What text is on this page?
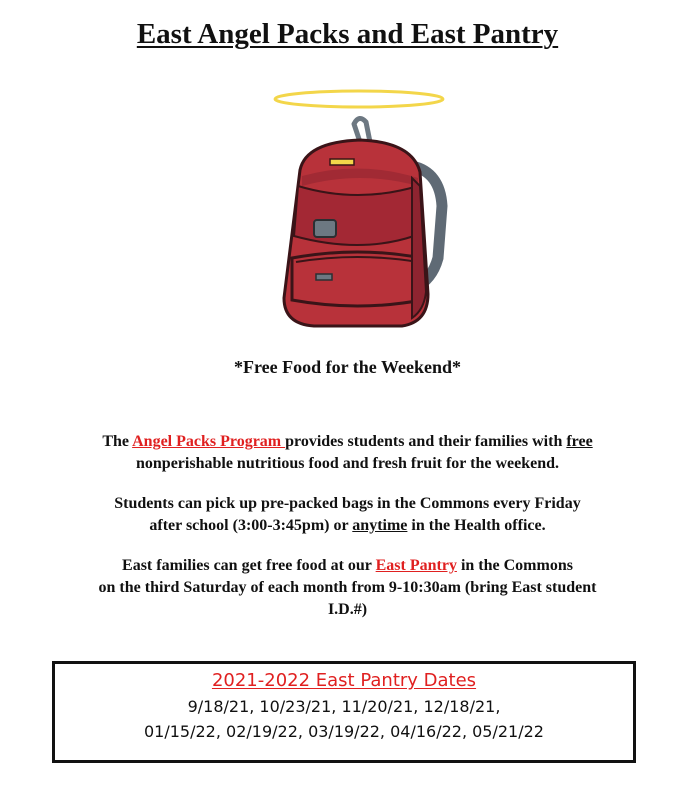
East Angel Packs and East Pantry
*Free Food for the Weekend*
The Angel Packs Program provides students and their families with free
nonperishable nutritious food and fresh fruit for the weekend.
Students can pick up pre-packed bags in the Commons every Friday
after school (3:00-3:45pm) or anytime in the Health office.
East families can get free food at our East Pantry in the Commons
on the third Saturday of each month from 9-10:30am (bring East student
I.D.#)
2021-2022 East Pantry Dates
9/18/21, 10/23/21, 11/20/21, 12/18/21,
01/15/22, 02/19/22, 03/19/22, 04/16/22, 05/21/22
